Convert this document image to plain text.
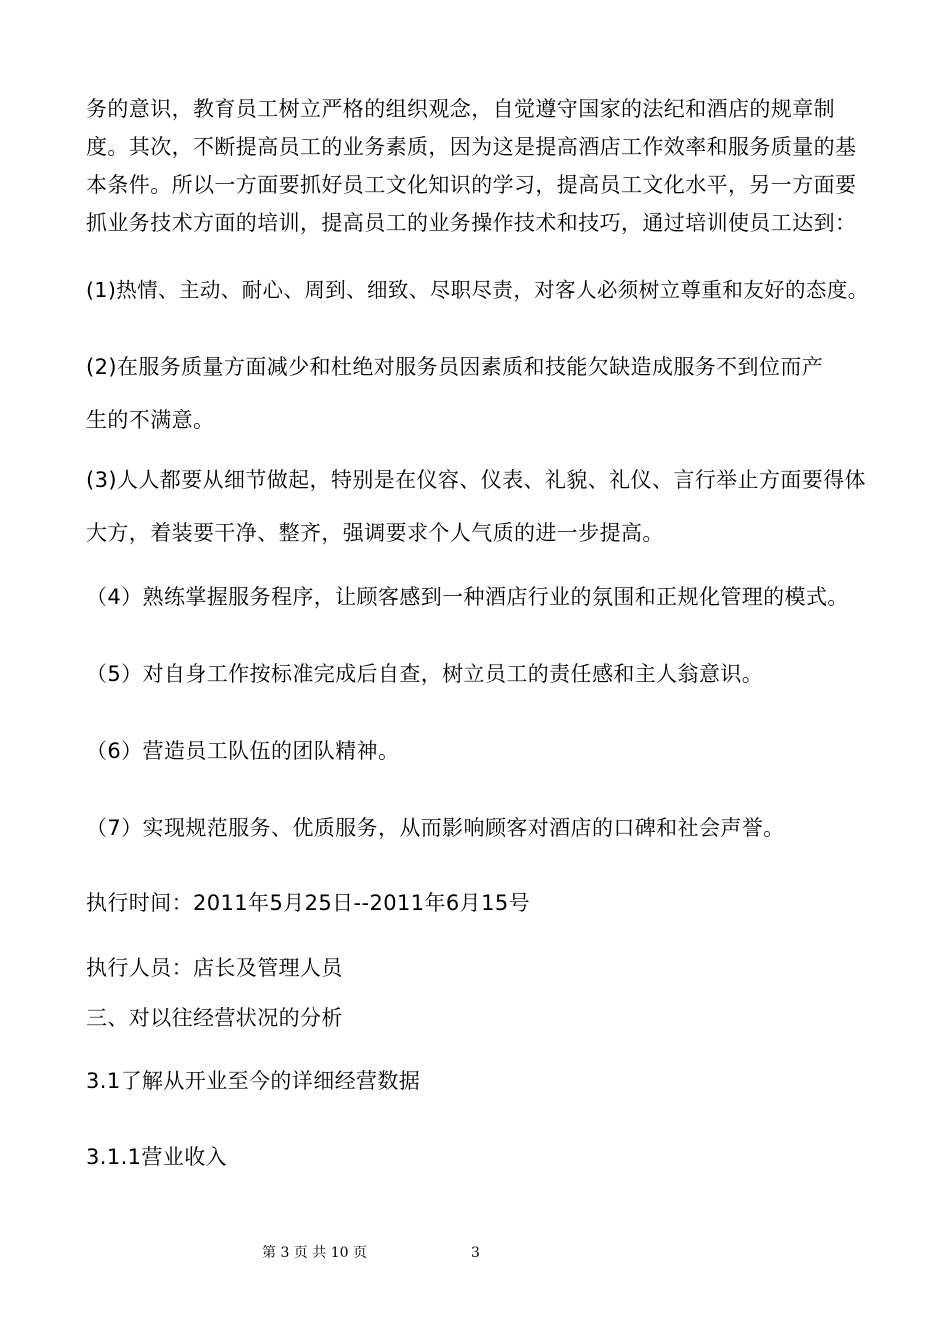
务的意识，教育员工树立严格的组织观念，自觉遵守国家的法纪和酒店的规章制
度。其次，不断提高员工的业务素质，因为这是提高酒店工作效率和服务质量的基
本条件。所以一方面要抓好员工文化知识的学习，提高员工文化水平，另一方面要
抓业务技术方面的培训，提高员工的业务操作技术和技巧，通过培训使员工达到：
(1)热情、主动、耐心、周到、细致、尽职尽责，对客人必须树立尊重和友好的态度。
(2)在服务质量方面减少和杜绝对服务员因素质和技能欠缺造成服务不到位而产
生的不满意。
(3)人人都要从细节做起，特别是在仪容、仪表、礼貌、礼仪、言行举止方面要得体
大方，着装要干净、整齐，强调要求个人气质的进一步提高。
（4）熟练掌握服务程序，让顾客感到一种酒店行业的氛围和正规化管理的模式。
（5）对自身工作按标准完成后自查，树立员工的责任感和主人翁意识。
（6）营造员工队伍的团队精神。
（7）实现规范服务、优质服务，从而影响顾客对酒店的口碑和社会声誉。
执行时间：2011年5月25日--2011年6月15号
执行人员：店长及管理人员
三、对以往经营状况的分析
3.1了解从开业至今的详细经营数据
3.1.1营业收入
第 3 页 共 10 页	3
